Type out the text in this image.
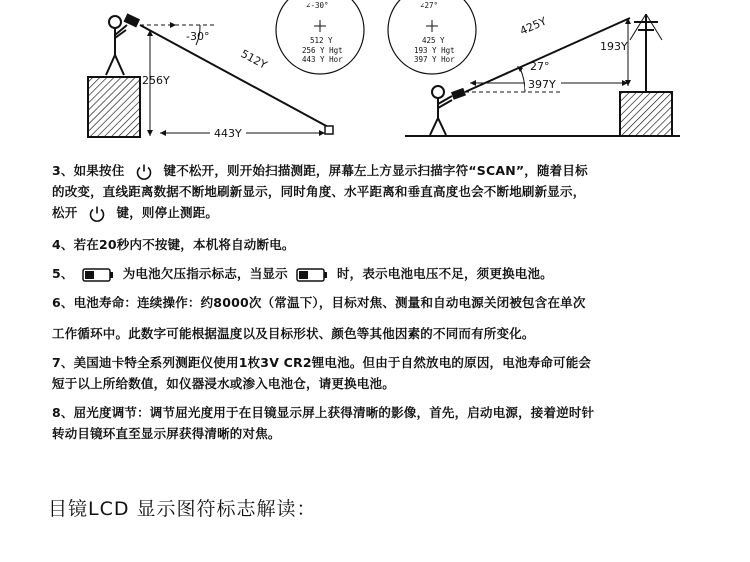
-30°
512Y
256Y
443Y
∠-30°
512 Y
256 Y Hgt
443 Y Hor
27°
425Y
397Y
193Y
∠27°
425 Y
193 Y Hgt
397 Y Hor
3、如果按住	键不松开，则开始扫描测距，屏幕左上方显示扫描字符“SCAN”，随着目标
的改变，直线距离数据不断地刷新显示，同时角度、水平距离和垂直高度也会不断地刷新显示，
松开	键，则停止测距。
4、若在20秒内不按键，本机将自动断电。
5、	为电池欠压指示标志，当显示	时，表示电池电压不足，须更换电池。
6、电池寿命：连续操作：约8000次（常温下），目标对焦、测量和自动电源关闭被包含在单次
工作循环中。此数字可能根据温度以及目标形状、颜色等其他因素的不同而有所变化。
7、美国迪卡特全系列测距仪使用1枚3V CR2锂电池。但由于自然放电的原因，电池寿命可能会
短于以上所给数值，如仪器浸水或渗入电池仓，请更换电池。
8、屈光度调节：调节屈光度用于在目镜显示屏上获得清晰的影像，首先，启动电源，接着逆时针
转动目镜环直至显示屏获得清晰的对焦。
目镜LCD 显示图符标志解读：
